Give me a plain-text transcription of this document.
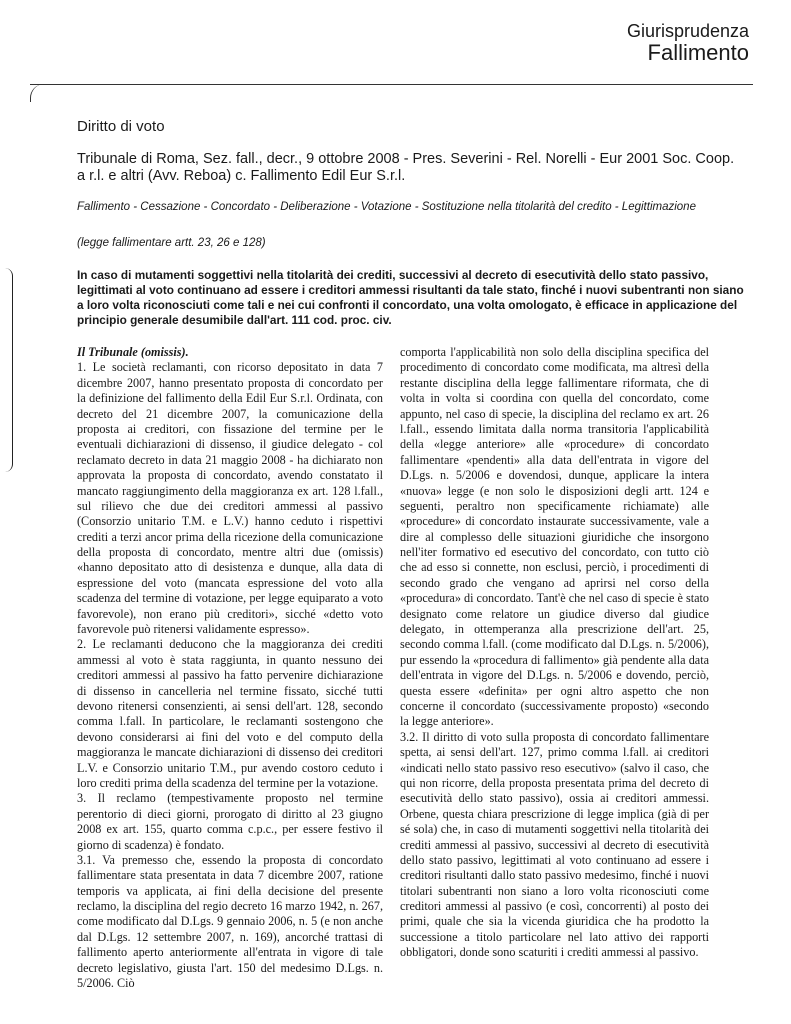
Giurisprudenza
Fallimento
Diritto di voto
Tribunale di Roma, Sez. fall., decr., 9 ottobre 2008 - Pres. Severini - Rel. Norelli - Eur 2001 Soc. Coop. a r.l. e altri (Avv. Reboa) c. Fallimento Edil Eur S.r.l.
Fallimento - Cessazione - Concordato - Deliberazione - Votazione - Sostituzione nella titolarità del credito - Legittimazione
(legge fallimentare artt. 23, 26 e 128)
In caso di mutamenti soggettivi nella titolarità dei crediti, successivi al decreto di esecutività dello stato passivo, legittimati al voto continuano ad essere i creditori ammessi risultanti da tale stato, finché i nuovi subentranti non siano a loro volta riconosciuti come tali e nei cui confronti il concordato, una volta omologato, è efficace in applicazione del principio generale desumibile dall'art. 111 cod. proc. civ.

Il Tribunale (omissis).

1. Le società reclamanti, con ricorso depositato in data 7 dicembre 2007, hanno presentato proposta di concordato per la definizione del fallimento della Edil Eur S.r.l. Ordinata, con decreto del 21 dicembre 2007, la comunicazione della proposta ai creditori, con fissazione del termine per le eventuali dichiarazioni di dissenso, il giudice delegato - col reclamato decreto in data 21 maggio 2008 - ha dichiarato non approvata la proposta di concordato, avendo constatato il mancato raggiungimento della maggioranza ex art. 128 l.fall., sul rilievo che due dei creditori ammessi al passivo (Consorzio unitario T.M. e L.V.) hanno ceduto i rispettivi crediti a terzi ancor prima della ricezione della comunicazione della proposta di concordato, mentre altri due (omissis) «hanno depositato atto di desistenza e dunque, alla data di espressione del voto (mancata espressione del voto alla scadenza del termine di votazione, per legge equiparato a voto favorevole), non erano più creditori», sicché «detto voto favorevole può ritenersi validamente espresso».

2. Le reclamanti deducono che la maggioranza dei crediti ammessi al voto è stata raggiunta, in quanto nessuno dei creditori ammessi al passivo ha fatto pervenire dichiarazione di dissenso in cancelleria nel termine fissato, sicché tutti devono ritenersi consenzienti, ai sensi dell'art. 128, secondo comma l.fall. In particolare, le reclamanti sostengono che devono considerarsi ai fini del voto e del computo della maggioranza le mancate dichiarazioni di dissenso dei creditori L.V. e Consorzio unitario T.M., pur avendo costoro ceduto i loro crediti prima della scadenza del termine per la votazione.

3. Il reclamo (tempestivamente proposto nel termine perentorio di dieci giorni, prorogato di diritto al 23 giugno 2008 ex art. 155, quarto comma c.p.c., per essere festivo il giorno di scadenza) è fondato.

3.1. Va premesso che, essendo la proposta di concordato fallimentare stata presentata in data 7 dicembre 2007, ratione temporis va applicata, ai fini della decisione del presente reclamo, la disciplina del regio decreto 16 marzo 1942, n. 267, come modificato dal D.Lgs. 9 gennaio 2006, n. 5 (e non anche dal D.Lgs. 12 settembre 2007, n. 169), ancorché trattasi di fallimento aperto anteriormente all'entrata in vigore di tale decreto legislativo, giusta l'art. 150 del medesimo D.Lgs. n. 5/2006. Ciò

comporta l'applicabilità non solo della disciplina specifica del procedimento di concordato come modificata, ma altresì della restante disciplina della legge fallimentare riformata, che di volta in volta si coordina con quella del concordato, come appunto, nel caso di specie, la disciplina del reclamo ex art. 26 l.fall., essendo limitata dalla norma transitoria l'applicabilità della «legge anteriore» alle «procedure» di concordato fallimentare «pendenti» alla data dell'entrata in vigore del D.Lgs. n. 5/2006 e dovendosi, dunque, applicare la intera «nuova» legge (e non solo le disposizioni degli artt. 124 e seguenti, peraltro non specificamente richiamate) alle «procedure» di concordato instaurate successivamente, vale a dire al complesso delle situazioni giuridiche che insorgono nell'iter formativo ed esecutivo del concordato, con tutto ciò che ad esso si connette, non esclusi, perciò, i procedimenti di secondo grado che vengano ad aprirsi nel corso della «procedura» di concordato. Tant'è che nel caso di specie è stato designato come relatore un giudice diverso dal giudice delegato, in ottemperanza alla prescrizione dell'art. 25, secondo comma l.fall. (come modificato dal D.Lgs. n. 5/2006), pur essendo la «procedura di fallimento» già pendente alla data dell'entrata in vigore del D.Lgs. n. 5/2006 e dovendo, perciò, questa essere «definita» per ogni altro aspetto che non concerne il concordato (successivamente proposto) «secondo la legge anteriore».

3.2. Il diritto di voto sulla proposta di concordato fallimentare spetta, ai sensi dell'art. 127, primo comma l.fall. ai creditori «indicati nello stato passivo reso esecutivo» (salvo il caso, che qui non ricorre, della proposta presentata prima del decreto di esecutività dello stato passivo), ossia ai creditori ammessi. Orbene, questa chiara prescrizione di legge implica (già di per sé sola) che, in caso di mutamenti soggettivi nella titolarità dei crediti ammessi al passivo, successivi al decreto di esecutività dello stato passivo, legittimati al voto continuano ad essere i creditori risultanti dallo stato passivo medesimo, finché i nuovi titolari subentranti non siano a loro volta riconosciuti come creditori ammessi al passivo (e così, concorrenti) al posto dei primi, quale che sia la vicenda giuridica che ha prodotto la successione a titolo particolare nel lato attivo dei rapporti obbligatori, donde sono scaturiti i crediti ammessi al passivo.
